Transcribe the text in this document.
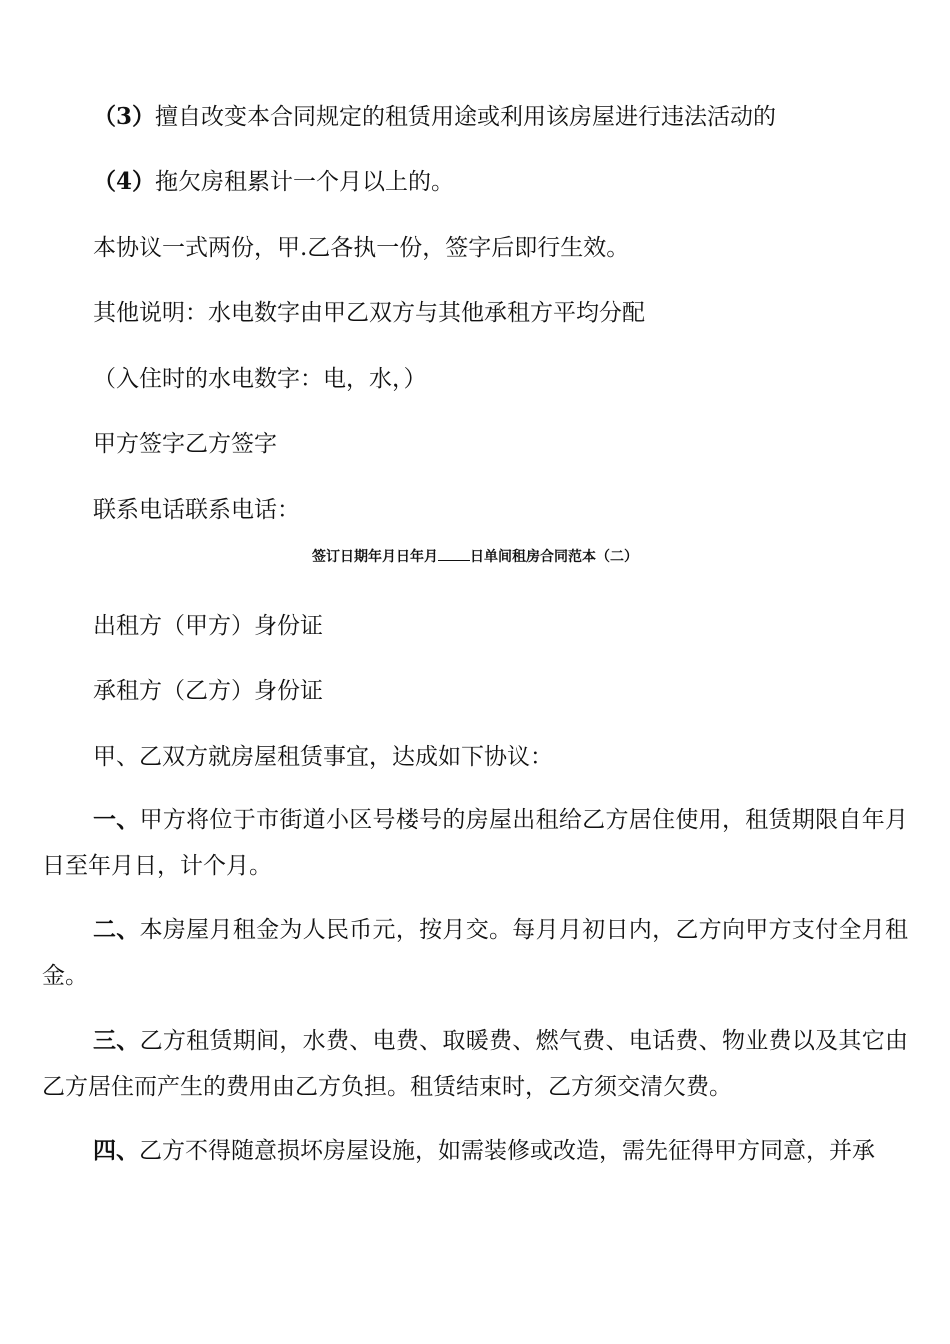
（3）擅自改变本合同规定的租赁用途或利用该房屋进行违法活动的

（4）拖欠房租累计一个月以上的。

本协议一式两份，甲.乙各执一份，签字后即行生效。

其他说明：水电数字由甲乙双方与其他承租方平均分配

（入住时的水电数字：电，水，）

甲方签字乙方签字

联系电话联系电话：

签订日期年月日年月 日单间租房合同范本（二）

出租方（甲方）身份证

承租方（乙方）身份证

甲、乙双方就房屋租赁事宜，达成如下协议：

一、甲方将位于市街道小区号楼号的房屋出租给乙方居住使用，租赁期限自年月日至年月日，计个月。

二、本房屋月租金为人民币元，按月交。每月月初日内，乙方向甲方支付全月租金。

三、乙方租赁期间，水费、电费、取暖费、燃气费、电话费、物业费以及其它由乙方居住而产生的费用由乙方负担。租赁结束时，乙方须交清欠费。

四、乙方不得随意损坏房屋设施，如需装修或改造，需先征得甲方同意，并承
